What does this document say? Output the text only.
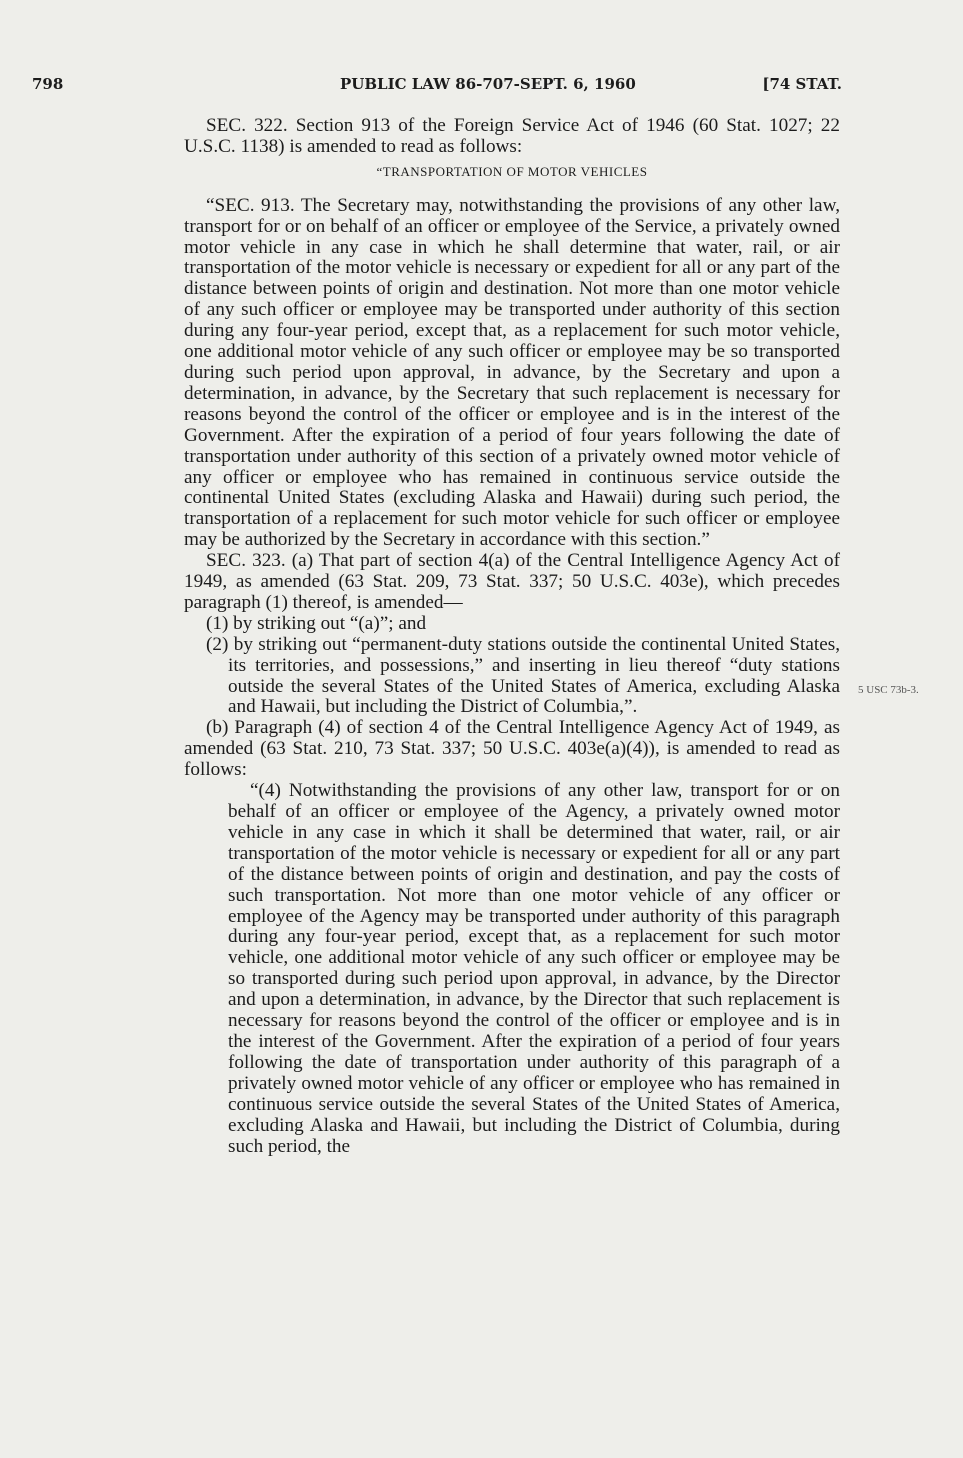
798	PUBLIC LAW 86-707-SEPT. 6, 1960	[74 STAT.
5 USC 73b-3.

SEC. 322. Section 913 of the Foreign Service Act of 1946 (60 Stat. 1027; 22 U.S.C. 1138) is amended to read as follows:

“TRANSPORTATION OF MOTOR VEHICLES

“SEC. 913. The Secretary may, notwithstanding the provisions of any other law, transport for or on behalf of an officer or employee of the Service, a privately owned motor vehicle in any case in which he shall determine that water, rail, or air transportation of the motor vehicle is necessary or expedient for all or any part of the distance between points of origin and destination. Not more than one motor vehicle of any such officer or employee may be transported under authority of this section during any four-year period, except that, as a replacement for such motor vehicle, one additional motor vehicle of any such officer or employee may be so transported during such period upon approval, in advance, by the Secretary and upon a determination, in advance, by the Secretary that such replacement is necessary for reasons beyond the control of the officer or employee and is in the interest of the Government. After the expiration of a period of four years following the date of transportation under authority of this section of a privately owned motor vehicle of any officer or employee who has remained in continuous service outside the continental United States (excluding Alaska and Hawaii) during such period, the transportation of a replacement for such motor vehicle for such officer or employee may be authorized by the Secretary in accordance with this section.”

SEC. 323. (a) That part of section 4(a) of the Central Intelligence Agency Act of 1949, as amended (63 Stat. 209, 73 Stat. 337; 50 U.S.C. 403e), which precedes paragraph (1) thereof, is amended—

(1) by striking out “(a)”; and

(2) by striking out “permanent-duty stations outside the continental United States, its territories, and possessions,” and inserting in lieu thereof “duty stations outside the several States of the United States of America, excluding Alaska and Hawaii, but including the District of Columbia,”.

(b) Paragraph (4) of section 4 of the Central Intelligence Agency Act of 1949, as amended (63 Stat. 210, 73 Stat. 337; 50 U.S.C. 403e(a)(4)), is amended to read as follows:

“(4) Notwithstanding the provisions of any other law, transport for or on behalf of an officer or employee of the Agency, a privately owned motor vehicle in any case in which it shall be determined that water, rail, or air transportation of the motor vehicle is necessary or expedient for all or any part of the distance between points of origin and destination, and pay the costs of such transportation. Not more than one motor vehicle of any officer or employee of the Agency may be transported under authority of this paragraph during any four-year period, except that, as a replacement for such motor vehicle, one additional motor vehicle of any such officer or employee may be so transported during such period upon approval, in advance, by the Director and upon a determination, in advance, by the Director that such replacement is necessary for reasons beyond the control of the officer or employee and is in the interest of the Government. After the expiration of a period of four years following the date of transportation under authority of this paragraph of a privately owned motor vehicle of any officer or employee who has remained in continuous service outside the several States of the United States of America, excluding Alaska and Hawaii, but including the District of Columbia, during such period, the
